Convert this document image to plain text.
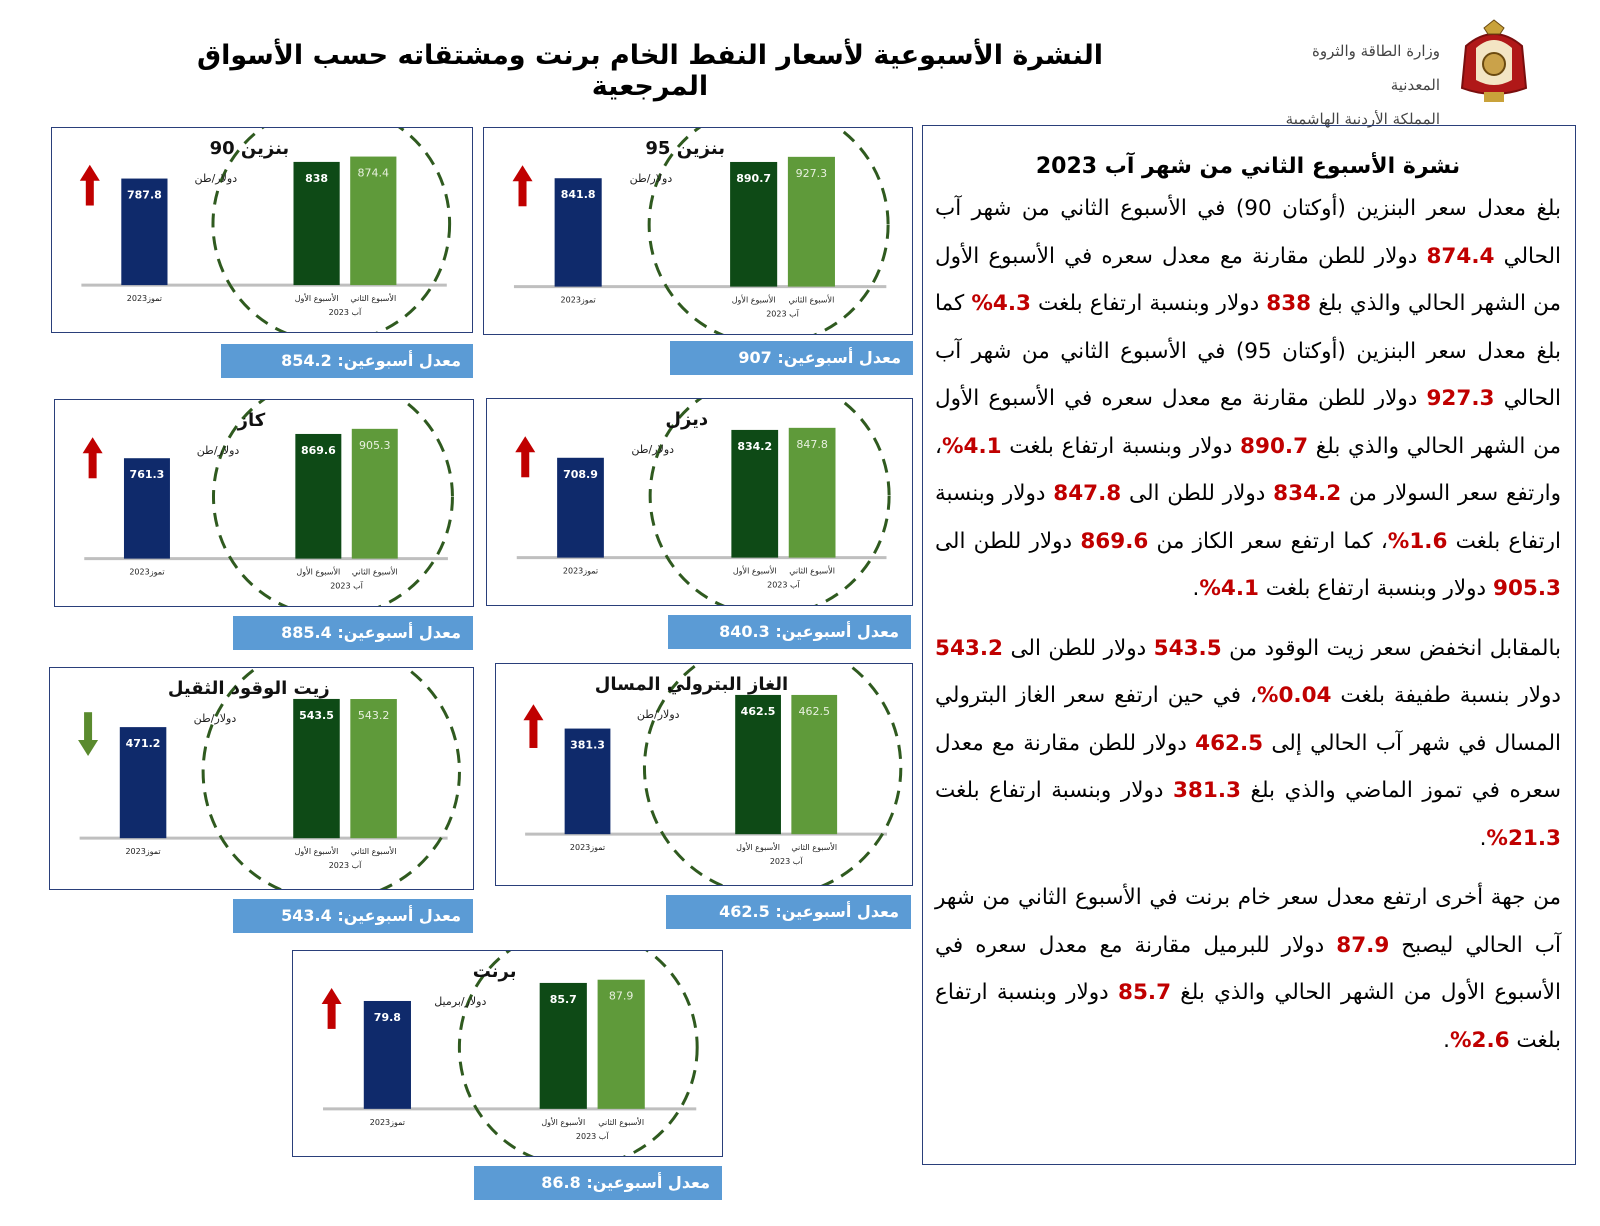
النشرة الأسبوعية لأسعار النفط الخام برنت ومشتقاته حسب الأسواق المرجعية
وزارة الطاقة والثروة المعدنية
المملكة الأردنية الهاشمية
787.8
تموز2023
838
الأسبوع الأول
874.4
الأسبوع الثاني
آب 2023
بنزين 90
دولار/طن
معدل أسبوعين: 854.2
841.8
تموز2023
890.7
الأسبوع الأول
927.3
الأسبوع الثاني
آب 2023
بنزين 95
دولار/طن
معدل أسبوعين: 907
761.3
تموز2023
869.6
الأسبوع الأول
905.3
الأسبوع الثاني
آب 2023
كاز
دولار/طن
معدل أسبوعين: 885.4
708.9
تموز2023
834.2
الأسبوع الأول
847.8
الأسبوع الثاني
آب 2023
ديزل
دولار/طن
معدل أسبوعين: 840.3
471.2
تموز2023
543.5
الأسبوع الأول
543.2
الأسبوع الثاني
آب 2023
زيت الوقود الثقيل
دولار/طن
معدل أسبوعين: 543.4
381.3
تموز2023
462.5
الأسبوع الأول
462.5
الأسبوع الثاني
آب 2023
الغاز البترولي المسال
دولار/طن
معدل أسبوعين: 462.5
79.8
تموز2023
85.7
الأسبوع الأول
87.9
الأسبوع الثاني
آب 2023
برنت
دولار/برميل
معدل أسبوعين: 86.8
نشرة الأسبوع الثاني من شهر آب 2023

بلغ معدل سعر البنزين (أوكتان 90) في الأسبوع الثاني من شهر آب الحالي 874.4 دولار للطن مقارنة مع معدل سعره في الأسبوع الأول من الشهر الحالي والذي بلغ 838 دولار وبنسبة ارتفاع بلغت 4.3% كما بلغ معدل سعر البنزين (أوكتان 95) في الأسبوع الثاني من شهر آب الحالي 927.3 دولار للطن مقارنة مع معدل سعره في الأسبوع الأول من الشهر الحالي والذي بلغ 890.7 دولار وبنسبة ارتفاع بلغت 4.1%، وارتفع سعر السولار من 834.2 دولار للطن الى 847.8 دولار وبنسبة ارتفاع بلغت 1.6%، كما ارتفع سعر الكاز من 869.6 دولار للطن الى 905.3 دولار وبنسبة ارتفاع بلغت 4.1%.

بالمقابل انخفض سعر زيت الوقود من 543.5 دولار للطن الى 543.2 دولار بنسبة طفيفة بلغت 0.04%، في حين ارتفع سعر الغاز البترولي المسال في شهر آب الحالي إلى 462.5 دولار للطن مقارنة مع معدل سعره في تموز الماضي والذي بلغ 381.3 دولار وبنسبة ارتفاع بلغت 21.3%.

من جهة أخرى ارتفع معدل سعر خام برنت في الأسبوع الثاني من شهر آب الحالي ليصبح 87.9 دولار للبرميل مقارنة مع معدل سعره في الأسبوع الأول من الشهر الحالي والذي بلغ 85.7 دولار وبنسبة ارتفاع بلغت 2.6%.
